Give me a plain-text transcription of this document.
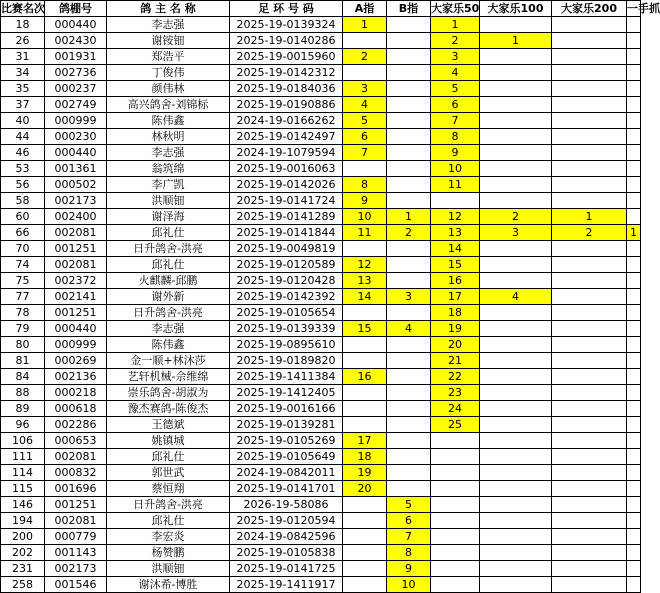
比赛名次	鸽棚号	鸽 主 名 称	足 环 号 码	A指	B指	大家乐50	大家乐100	大家乐200	一手抓
18	000440	李志强	2025-19-0139324	1		1			
26	002430	谢铵钿	2025-19-0140286			2	1		
31	001931	郑浩平	2025-19-0015960	2		3			
34	002736	丁俊伟	2025-19-0142312			4			
35	000237	颜伟林	2025-19-0184036	3		5			
37	002749	高兴鸽舍-刘锦标	2025-19-0190886	4		6			
40	000999	陈伟鑫	2024-19-0166262	5		7			
44	000230	林秋明	2025-19-0142497	6		8			
46	000440	李志强	2024-19-1079594	7		9			
53	001361	翁筑绵	2025-19-0016063			10			
56	000502	李广凯	2025-19-0142026	8		11			
58	002173	洪顺钿	2025-19-0141724	9					
60	002400	谢泽海	2025-19-0141289	10	1	12	2	1	
66	002081	邱礼仕	2025-19-0141844	11	2	13	3	2	1
70	001251	日升鸽舍-洪亮	2025-19-0049819			14			
74	002081	邱礼仕	2025-19-0120589	12		15			
75	002372	火麒麟-邱鹏	2025-19-0120428	13		16			
77	002141	谢外新	2025-19-0142392	14	3	17	4		
78	001251	日升鸽舍-洪亮	2025-19-0105654			18			
79	000440	李志强	2025-19-0139339	15	4	19			
80	000999	陈伟鑫	2025-19-0895610			20			
81	000269	金一顺+林沐莎	2025-19-0189820			21			
84	002136	艺轩机械-佘维绵	2025-19-1411384	16		22			
88	000218	崇乐鸽舍-胡淑为	2025-19-1412405			23			
89	000618	豫杰赛鸽-陈俊杰	2025-19-0016166			24			
96	002286	王德斌	2025-19-0139281			25			
106	000653	姚镇城	2025-19-0105269	17					
111	002081	邱礼仕	2025-19-0105649	18					
114	000832	郭世武	2024-19-0842011	19					
115	001696	蔡恒翔	2025-19-0141701	20					
146	001251	日升鸽舍-洪亮	2026-19-58086		5				
194	002081	邱礼仕	2025-19-0120594		6				
200	000779	李宏炎	2024-19-0842596		7				
202	001143	杨赞鹏	2025-19-0105838		8				
231	002173	洪顺钿	2025-19-0141725		9				
258	001546	谢沐希-博胜	2025-19-1411917		10				
